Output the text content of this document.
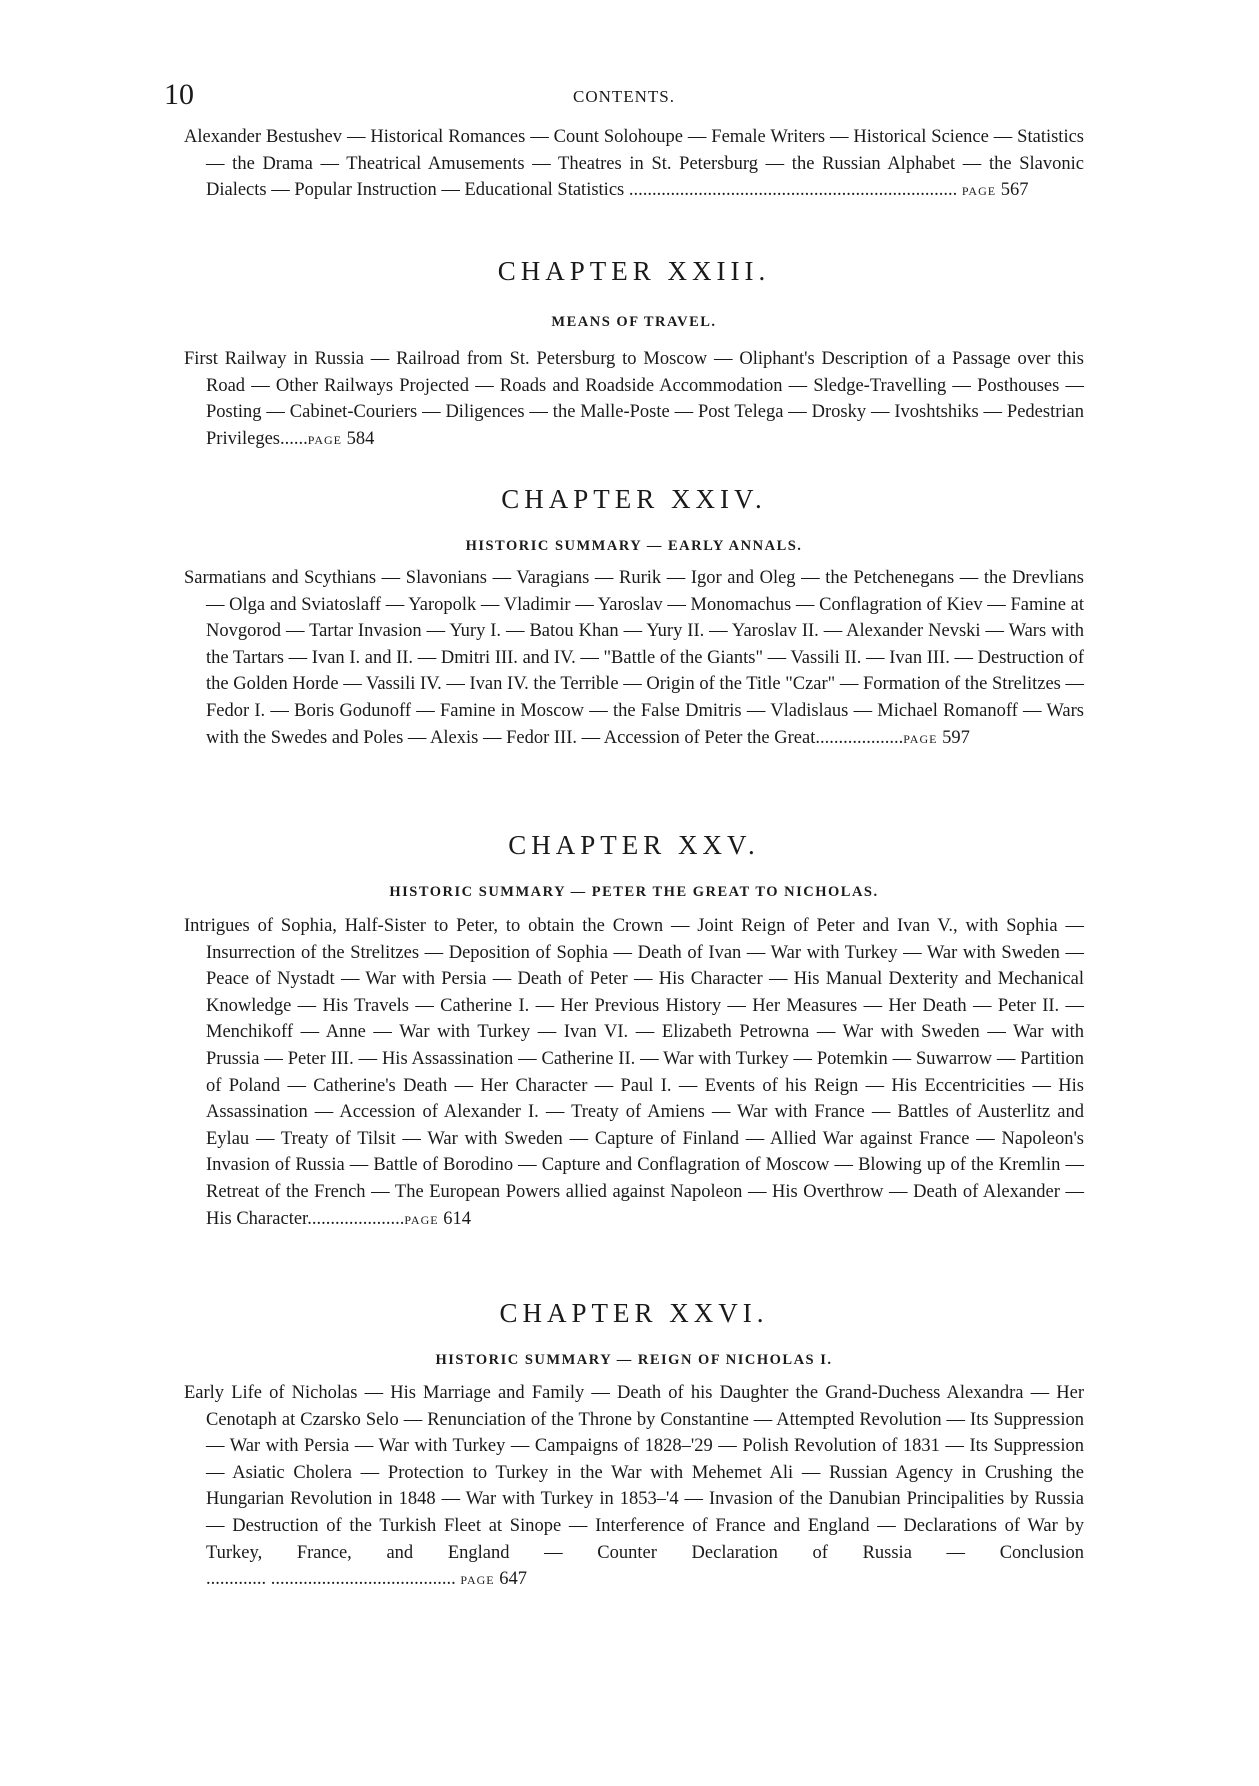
10	CONTENTS.

Alexander Bestushev — Historical Romances — Count Solohoupe — Female Writers — Historical Science — Statistics — the Drama — Theatrical Amusements — Theatres in St. Petersburg — the Russian Alphabet — the Slavonic Dialects — Popular Instruction — Educational Statistics ....................................................................... PAGE 567

CHAPTER XXIII.
MEANS OF TRAVEL.

First Railway in Russia — Railroad from St. Petersburg to Moscow — Oliphant's Description of a Passage over this Road — Other Railways Projected — Roads and Roadside Accommodation — Sledge-Travelling — Posthouses — Posting — Cabinet-Couriers — Diligences — the Malle-Poste — Post Telega — Drosky — Ivoshtshiks — Pedestrian Privileges......PAGE 584

CHAPTER XXIV.
HISTORIC SUMMARY — EARLY ANNALS.

Sarmatians and Scythians — Slavonians — Varagians — Rurik — Igor and Oleg — the Petchenegans — the Drevlians — Olga and Sviatoslaff — Yaropolk — Vladimir — Yaroslav — Monomachus — Conflagration of Kiev — Famine at Novgorod — Tartar Invasion — Yury I. — Batou Khan — Yury II. — Yaroslav II. — Alexander Nevski — Wars with the Tartars — Ivan I. and II. — Dmitri III. and IV. — "Battle of the Giants" — Vassili II. — Ivan III. — Destruction of the Golden Horde — Vassili IV. — Ivan IV. the Terrible — Origin of the Title "Czar" — Formation of the Strelitzes — Fedor I. — Boris Godunoff — Famine in Moscow — the False Dmitris — Vladislaus — Michael Romanoff — Wars with the Swedes and Poles — Alexis — Fedor III. — Accession of Peter the Great...................PAGE 597

CHAPTER XXV.
HISTORIC SUMMARY — PETER THE GREAT TO NICHOLAS.

Intrigues of Sophia, Half-Sister to Peter, to obtain the Crown — Joint Reign of Peter and Ivan V., with Sophia — Insurrection of the Strelitzes — Deposition of Sophia — Death of Ivan — War with Turkey — War with Sweden — Peace of Nystadt — War with Persia — Death of Peter — His Character — His Manual Dexterity and Mechanical Knowledge — His Travels — Catherine I. — Her Previous History — Her Measures — Her Death — Peter II. — Menchikoff — Anne — War with Turkey — Ivan VI. — Elizabeth Petrowna — War with Sweden — War with Prussia — Peter III. — His Assassination — Catherine II. — War with Turkey — Potemkin — Suwarrow — Partition of Poland — Catherine's Death — Her Character — Paul I. — Events of his Reign — His Eccentricities — His Assassination — Accession of Alexander I. — Treaty of Amiens — War with France — Battles of Austerlitz and Eylau — Treaty of Tilsit — War with Sweden — Capture of Finland — Allied War against France — Napoleon's Invasion of Russia — Battle of Borodino — Capture and Conflagration of Moscow — Blowing up of the Kremlin — Retreat of the French — The European Powers allied against Napoleon — His Overthrow — Death of Alexander — His Character.....................PAGE 614

CHAPTER XXVI.
HISTORIC SUMMARY — REIGN OF NICHOLAS I.

Early Life of Nicholas — His Marriage and Family — Death of his Daughter the Grand-Duchess Alexandra — Her Cenotaph at Czarsko Selo — Renunciation of the Throne by Constantine — Attempted Revolution — Its Suppression — War with Persia — War with Turkey — Campaigns of 1828–'29 — Polish Revolution of 1831 — Its Suppression — Asiatic Cholera — Protection to Turkey in the War with Mehemet Ali — Russian Agency in Crushing the Hungarian Revolution in 1848 — War with Turkey in 1853–'4 — Invasion of the Danubian Principalities by Russia — Destruction of the Turkish Fleet at Sinope — Interference of France and England — Declarations of War by Turkey, France, and England — Counter Declaration of Russia — Conclusion ............. ........................................ PAGE 647
